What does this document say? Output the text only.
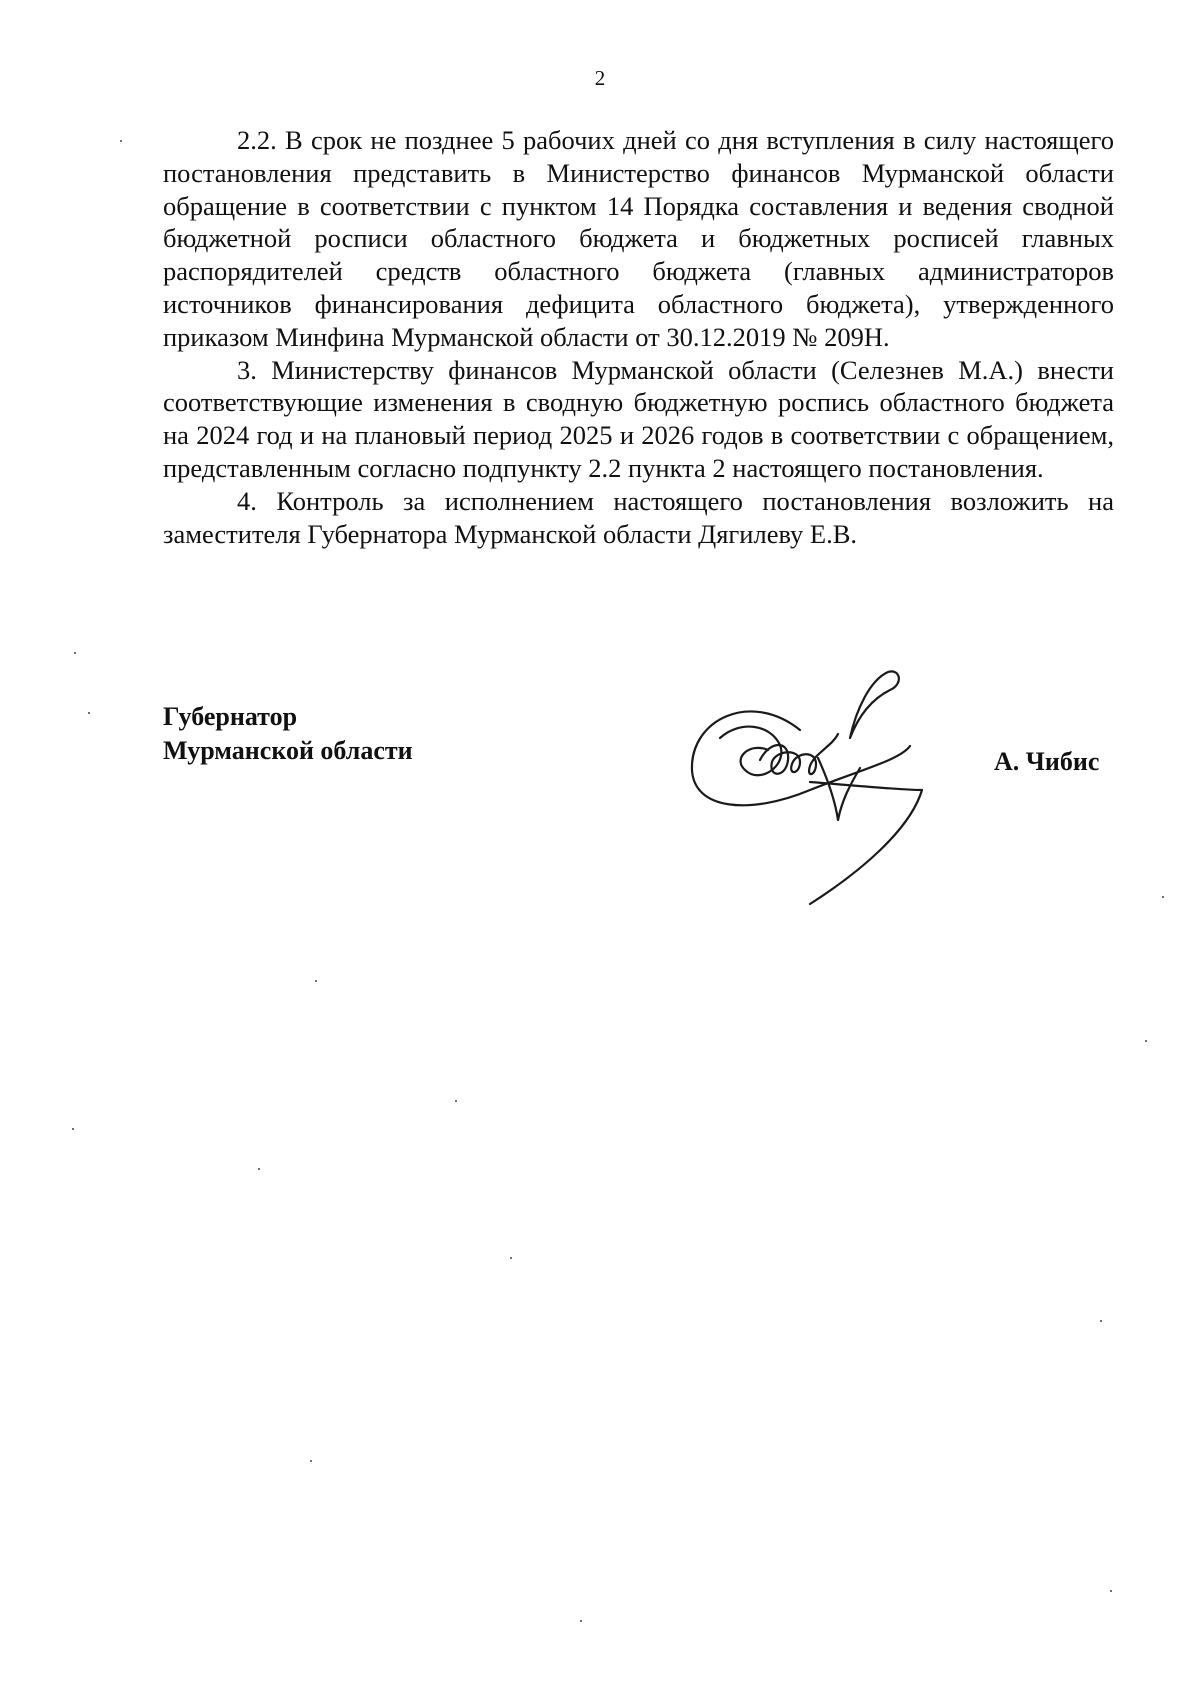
2

2.2. В срок не позднее 5 рабочих дней со дня вступления в силу настоящего постановления представить в Министерство финансов Мурманской области обращение в соответствии с пунктом 14 Порядка составления и ведения сводной бюджетной росписи областного бюджета и бюджетных росписей главных распорядителей средств областного бюджета (главных администраторов источников финансирования дефицита областного бюджета), утвержденного приказом Минфина Мурманской области от 30.12.2019 № 209Н.

3. Министерству финансов Мурманской области (Селезнев М.А.) внести соответствующие изменения в сводную бюджетную роспись областного бюджета на 2024 год и на плановый период 2025 и 2026 годов в соответствии с обращением, представленным согласно подпункту 2.2 пункта 2 настоящего постановления.

4. Контроль за исполнением настоящего постановления возложить на заместителя Губернатора Мурманской области Дягилеву Е.В.

Губернатор
Мурманской области	А. Чибис
